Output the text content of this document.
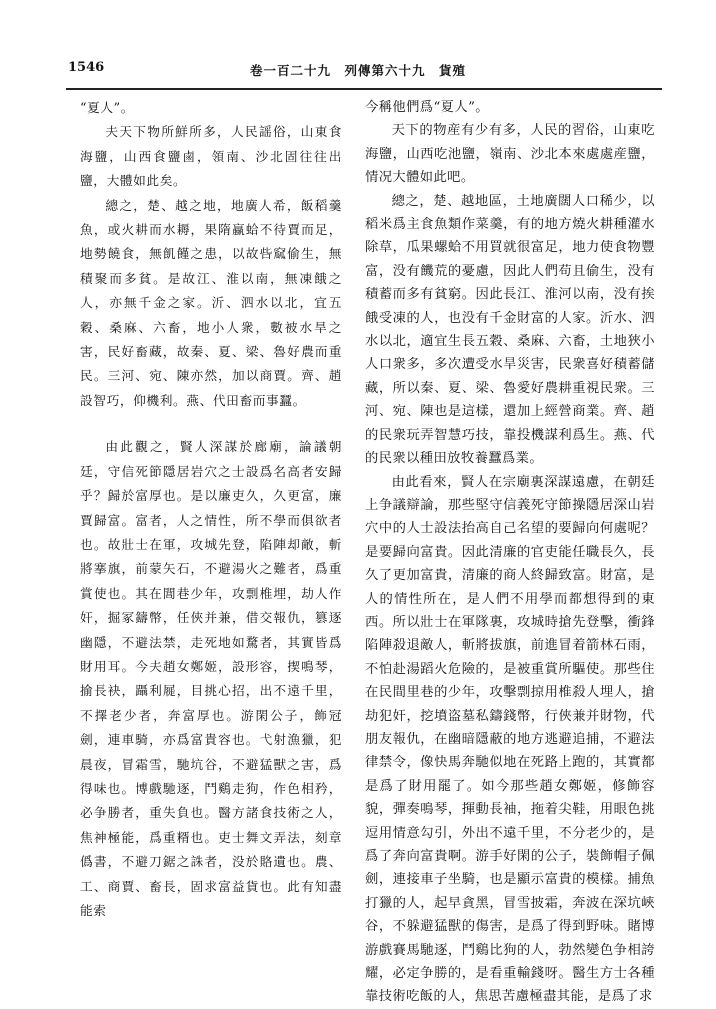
1546	卷一百二十九　列傳第六十九　貨殖

“夏人”。

夫天下物所鮮所多，人民謡俗，山東食海鹽，山西食鹽鹵，領南、沙北固往往出鹽，大體如此矣。

總之，楚、越之地，地廣人希，飯稻羹魚，或火耕而水耨，果隋蠃蛤不待賈而足，地勢饒食，無飢饉之患，以故呰窳偷生，無積聚而多貧。是故江、淮以南，無凍餓之人，亦無千金之家。沂、泗水以北，宜五穀、桑麻、六畜，地小人衆，數被水旱之害，民好畜藏，故秦、夏、梁、魯好農而重民。三河、宛、陳亦然，加以商賈。齊、趙設智巧，仰機利。燕、代田畜而事蠶。

由此觀之，賢人深謀於廊廟，論議朝廷，守信死節隱居岩穴之士設爲名高者安歸乎？歸於富厚也。是以廉吏久，久更富，廉賈歸富。富者，人之情性，所不學而俱欲者也。故壯士在軍，攻城先登，陷陣却敵，斬將搴旗，前蒙矢石，不避湯火之難者，爲重賞使也。其在閭巷少年，攻剽椎埋，劫人作奸，掘冢鑄幣，任俠并兼，借交報仇，篡逐幽隱，不避法禁，走死地如騖者，其實皆爲財用耳。今夫趙女鄭姬，設形容，揳鳴琴，揄長袂，躡利屣，目挑心招，出不遠千里，不擇老少者，奔富厚也。游閑公子，飾冠劍，連車騎，亦爲富貴容也。弋射漁獵，犯晨夜，冒霜雪，馳坑谷，不避猛獸之害，爲得味也。博戲馳逐，鬥鷄走狗，作色相矜，必争勝者，重失負也。醫方諸食技術之人，焦神極能，爲重糈也。吏士舞文弄法，刻章僞書，不避刀鋸之誅者，没於賂遺也。農、工、商賈、畜長，固求富益貨也。此有知盡能索

今稱他們爲“夏人”。

天下的物産有少有多，人民的習俗，山東吃海鹽，山西吃池鹽，嶺南、沙北本來處處産鹽，情况大體如此吧。

總之，楚、越地區，土地廣闊人口稀少，以稻米爲主食魚類作菜羹，有的地方燒火耕種灌水除草，瓜果螺蛤不用買就很富足，地力使食物豐富，没有饑荒的憂慮，因此人們苟且偷生，没有積蓄而多有貧窮。因此長江、淮河以南，没有挨餓受凍的人，也没有千金財富的人家。沂水、泗水以北，適宜生長五穀、桑麻、六畜，土地狹小人口衆多，多次遭受水旱災害，民衆喜好積蓄儲藏，所以秦、夏、梁、魯愛好農耕重視民衆。三河、宛、陳也是這樣，還加上經營商業。齊、趙的民衆玩弄智慧巧技，靠投機謀利爲生。燕、代的民衆以種田放牧養蠶爲業。

由此看來，賢人在宗廟裏深謀遠慮，在朝廷上争議辯論，那些堅守信義死守節操隱居深山岩穴中的人士設法抬高自己名望的要歸向何處呢？是要歸向富貴。因此清廉的官吏能任職長久，長久了更加富貴，清廉的商人終歸致富。財富，是人的情性所在，是人們不用學而都想得到的東西。所以壯士在軍隊裏，攻城時搶先登擊，衝鋒陷陣殺退敵人，斬將拔旗，前進冒着箭林石雨，不怕赴湯蹈火危險的，是被重賞所驅使。那些住在民間里巷的少年，攻擊剽掠用椎殺人埋人，搶劫犯奸，挖墳盗墓私鑄錢幣，行俠兼并財物，代朋友報仇，在幽暗隱蔽的地方逃避追捕，不避法律禁令，像快馬奔馳似地在死路上跑的，其實都是爲了財用罷了。如今那些趙女鄭姬，修飾容貌，彈奏鳴琴，揮動長袖，拖着尖鞋，用眼色挑逗用情意勾引，外出不遠千里，不分老少的，是爲了奔向富貴啊。游手好閑的公子，裝飾帽子佩劍，連接車子坐騎，也是顯示富貴的模樣。捕魚打獵的人，起早貪黑，冒雪披霜，奔波在深坑峽谷，不躲避猛獸的傷害，是爲了得到野味。賭博游戲賽馬馳逐，鬥鷄比狗的人，勃然變色争相誇耀，必定争勝的，是看重輸錢呀。醫生方士各種靠技術吃飯的人，焦思苦慮極盡其能，是爲了求
